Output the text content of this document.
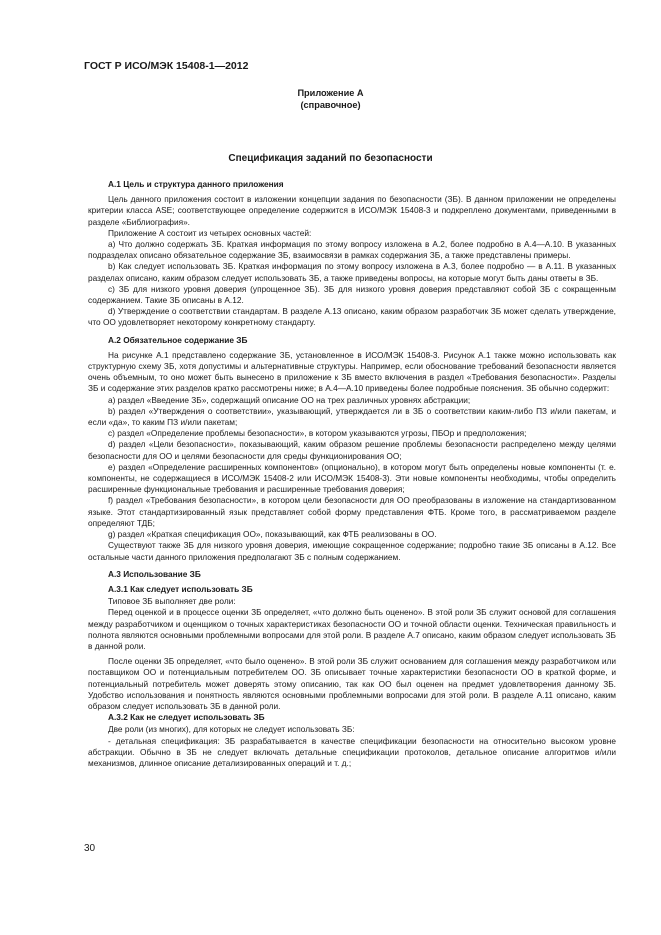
ГОСТ Р ИСО/МЭК 15408-1—2012
Приложение А
(справочное)
Спецификация заданий по безопасности

А.1 Цель и структура данного приложения

Цель данного приложения состоит в изложении концепции задания по безопасности (ЗБ). В данном приложении не определены критерии класса ASE; соответствующее определение содержится в ИСО/МЭК 15408-3 и подкреплено документами, приведенными в разделе «Библиография».

Приложение А состоит из четырех основных частей:

a) Что должно содержать ЗБ. Краткая информация по этому вопросу изложена в А.2, более подробно в А.4—А.10. В указанных подразделах описано обязательное содержание ЗБ, взаимосвязи в рамках содержания ЗБ, а также представлены примеры.

b) Как следует использовать ЗБ. Краткая информация по этому вопросу изложена в А.3, более подробно — в А.11. В указанных разделах описано, каким образом следует использовать ЗБ, а также приведены вопросы, на которые могут быть даны ответы в ЗБ.

c) ЗБ для низкого уровня доверия (упрощенное ЗБ). ЗБ для низкого уровня доверия представляют собой ЗБ с сокращенным содержанием. Такие ЗБ описаны в А.12.

d) Утверждение о соответствии стандартам. В разделе А.13 описано, каким образом разработчик ЗБ может сделать утверждение, что ОО удовлетворяет некоторому конкретному стандарту.

А.2 Обязательное содержание ЗБ

На рисунке А.1 представлено содержание ЗБ, установленное в ИСО/МЭК 15408-3. Рисунок А.1 также можно использовать как структурную схему ЗБ, хотя допустимы и альтернативные структуры. Например, если обоснование требований безопасности является очень объемным, то оно может быть вынесено в приложение к ЗБ вместо включения в раздел «Требования безопасности». Разделы ЗБ и содержание этих разделов кратко рассмотрены ниже; в А.4—А.10 приведены более подробные пояснения. ЗБ обычно содержит:

a) раздел «Введение ЗБ», содержащий описание ОО на трех различных уровнях абстракции;

b) раздел «Утверждения о соответствии», указывающий, утверждается ли в ЗБ о соответствии каким-либо ПЗ и/или пакетам, и если «да», то каким ПЗ и/или пакетам;

c) раздел «Определение проблемы безопасности», в котором указываются угрозы, ПБОр и предположения;

d) раздел «Цели безопасности», показывающий, каким образом решение проблемы безопасности распределено между целями безопасности для ОО и целями безопасности для среды функционирования ОО;

e) раздел «Определение расширенных компонентов» (опционально), в котором могут быть определены новые компоненты (т. е. компоненты, не содержащиеся в ИСО/МЭК 15408-2 или ИСО/МЭК 15408-3). Эти новые компоненты необходимы, чтобы определить расширенные функциональные требования и расширенные требования доверия;

f) раздел «Требования безопасности», в котором цели безопасности для ОО преобразованы в изложение на стандартизованном языке. Этот стандартизированный язык представляет собой форму представления ФТБ. Кроме того, в рассматриваемом разделе определяют ТДБ;

g) раздел «Краткая спецификация ОО», показывающий, как ФТБ реализованы в ОО.

Существуют также ЗБ для низкого уровня доверия, имеющие сокращенное содержание; подробно такие ЗБ описаны в А.12. Все остальные части данного приложения предполагают ЗБ с полным содержанием.

А.3 Использование ЗБ

А.3.1 Как следует использовать ЗБ

Типовое ЗБ выполняет две роли:

Перед оценкой и в процессе оценки ЗБ определяет, «что должно быть оценено». В этой роли ЗБ служит основой для соглашения между разработчиком и оценщиком о точных характеристиках безопасности ОО и точной области оценки. Техническая правильность и полнота являются основными проблемными вопросами для этой роли. В разделе А.7 описано, каким образом следует использовать ЗБ в данной роли.

После оценки ЗБ определяет, «что было оценено». В этой роли ЗБ служит основанием для соглашения между разработчиком или поставщиком ОО и потенциальным потребителем ОО. ЗБ описывает точные характеристики безопасности ОО в краткой форме, и потенциальный потребитель может доверять этому описанию, так как ОО был оценен на предмет удовлетворения данному ЗБ. Удобство использования и понятность являются основными проблемными вопросами для этой роли. В разделе А.11 описано, каким образом следует использовать ЗБ в данной роли.

А.3.2 Как не следует использовать ЗБ

Две роли (из многих), для которых не следует использовать ЗБ:

- детальная спецификация: ЗБ разрабатывается в качестве спецификации безопасности на относительно высоком уровне абстракции. Обычно в ЗБ не следует включать детальные спецификации протоколов, детальное описание алгоритмов и/или механизмов, длинное описание детализированных операций и т. д.;

30
